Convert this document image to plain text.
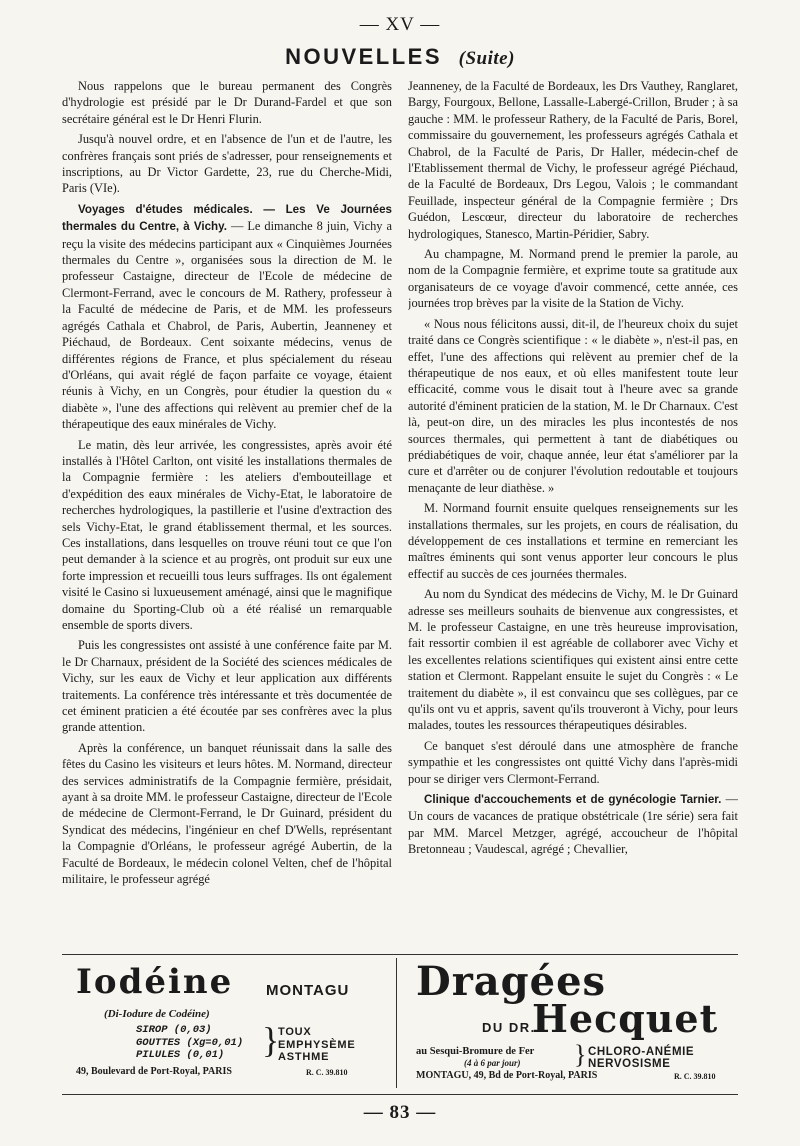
— XV —
NOUVELLES (Suite)

Nous rappelons que le bureau permanent des Congrès d'hydrologie est présidé par le Dr Durand-Fardel et que son secrétaire général est le Dr Henri Flurin.

Jusqu'à nouvel ordre, et en l'absence de l'un et de l'autre, les confrères français sont priés de s'adresser, pour renseignements et inscriptions, au Dr Victor Gardette, 23, rue du Cherche-Midi, Paris (VIe).

Voyages d'études médicales. — Les Ve Journées thermales du Centre, à Vichy. — Le dimanche 8 juin, Vichy a reçu la visite des médecins participant aux « Cinquièmes Journées thermales du Centre », organisées sous la direction de M. le professeur Castaigne, directeur de l'Ecole de médecine de Clermont-Ferrand, avec le concours de M. Rathery, professeur à la Faculté de médecine de Paris, et de MM. les professeurs agrégés Cathala et Chabrol, de Paris, Aubertin, Jeanneney et Piéchaud, de Bordeaux. Cent soixante médecins, venus de différentes régions de France, et plus spécialement du réseau d'Orléans, qui avait réglé de façon parfaite ce voyage, étaient réunis à Vichy, en un Congrès, pour étudier la question du « diabète », l'une des affections qui relèvent au premier chef de la thérapeutique des eaux minérales de Vichy.

Le matin, dès leur arrivée, les congressistes, après avoir été installés à l'Hôtel Carlton, ont visité les installations thermales de la Compagnie fermière : les ateliers d'embouteillage et d'expédition des eaux minérales de Vichy-Etat, le laboratoire de recherches hydrologiques, la pastillerie et l'usine d'extraction des sels Vichy-Etat, le grand établissement thermal, et les sources. Ces installations, dans lesquelles on trouve réuni tout ce que l'on peut demander à la science et au progrès, ont produit sur eux une forte impression et recueilli tous leurs suffrages. Ils ont également visité le Casino si luxueusement aménagé, ainsi que le magnifique domaine du Sporting-Club où a été réalisé un remarquable ensemble de sports divers.

Puis les congressistes ont assisté à une conférence faite par M. le Dr Charnaux, président de la Société des sciences médicales de Vichy, sur les eaux de Vichy et leur application aux différents traitements. La conférence très intéressante et très documentée de cet éminent praticien a été écoutée par ses confrères avec la plus grande attention.

Après la conférence, un banquet réunissait dans la salle des fêtes du Casino les visiteurs et leurs hôtes. M. Normand, directeur des services administratifs de la Compagnie fermière, présidait, ayant à sa droite MM. le professeur Castaigne, directeur de l'Ecole de médecine de Clermont-Ferrand, le Dr Guinard, président du Syndicat des médecins, l'ingénieur en chef D'Wells, représentant la Compagnie d'Orléans, le professeur agrégé Aubertin, de la Faculté de Bordeaux, le médecin colonel Velten, chef de l'hôpital militaire, le professeur agrégé

Jeanneney, de la Faculté de Bordeaux, les Drs Vauthey, Ranglaret, Bargy, Fourgoux, Bellone, Lassalle-Labergé-Crillon, Bruder ; à sa gauche : MM. le professeur Rathery, de la Faculté de Paris, Borel, commissaire du gouvernement, les professeurs agrégés Cathala et Chabrol, de la Faculté de Paris, Dr Haller, médecin-chef de l'Etablissement thermal de Vichy, le professeur agrégé Piéchaud, de la Faculté de Bordeaux, Drs Legou, Valois ; le commandant Feuillade, inspecteur général de la Compagnie fermière ; Drs Guédon, Lescœur, directeur du laboratoire de recherches hydrologiques, Stanesco, Martin-Péridier, Sabry.

Au champagne, M. Normand prend le premier la parole, au nom de la Compagnie fermière, et exprime toute sa gratitude aux organisateurs de ce voyage d'avoir commencé, cette année, ces journées trop brèves par la visite de la Station de Vichy.

« Nous nous félicitons aussi, dit-il, de l'heureux choix du sujet traité dans ce Congrès scientifique : « le diabète », n'est-il pas, en effet, l'une des affections qui relèvent au premier chef de la thérapeutique de nos eaux, et où elles manifestent toute leur efficacité, comme vous le disait tout à l'heure avec sa grande autorité d'éminent praticien de la station, M. le Dr Charnaux. C'est là, peut-on dire, un des miracles les plus incontestés de nos sources thermales, qui permettent à tant de diabétiques ou prédiabétiques de voir, chaque année, leur état s'améliorer par la cure et d'arrêter ou de conjurer l'évolution redoutable et toujours menaçante de leur diathèse. »

M. Normand fournit ensuite quelques renseignements sur les installations thermales, sur les projets, en cours de réalisation, du développement de ces installations et termine en remerciant les maîtres éminents qui sont venus apporter leur concours le plus effectif au succès de ces journées thermales.

Au nom du Syndicat des médecins de Vichy, M. le Dr Guinard adresse ses meilleurs souhaits de bienvenue aux congressistes, et M. le professeur Castaigne, en une très heureuse improvisation, fait ressortir combien il est agréable de collaborer avec Vichy et les excellentes relations scientifiques qui existent ainsi entre cette station et Clermont. Rappelant ensuite le sujet du Congrès : « Le traitement du diabète », il est convaincu que ses collègues, par ce qu'ils ont vu et appris, savent qu'ils trouveront à Vichy, pour leurs malades, toutes les ressources thérapeutiques désirables.

Ce banquet s'est déroulé dans une atmosphère de franche sympathie et les congressistes ont quitté Vichy dans l'après-midi pour se diriger vers Clermont-Ferrand.

Clinique d'accouchements et de gynécologie Tarnier. — Un cours de vacances de pratique obstétricale (1re série) sera fait par MM. Marcel Metzger, agrégé, accoucheur de l'hôpital Bretonneau ; Vaudescal, agrégé ; Chevallier,

Iodéine MONTAGU
(Di-Iodure de Codéine)
SIROP (0,03)
GOUTTES (Xg=0,01)
PILULES (0,01)	}
TOUX
EMPHYSÈME
ASTHME
49, Boulevard de Port-Royal, PARIS	R. C. 39.810
Dragées
DU DR.
Hecquet
au Sesqui-Bromure de Fer
(4 à 6 par jour) } CHLORO-ANÉMIE
NERVOSISME
MONTAGU, 49, Bd de Port-Royal, PARIS	R. C. 39.810
— 83 —
